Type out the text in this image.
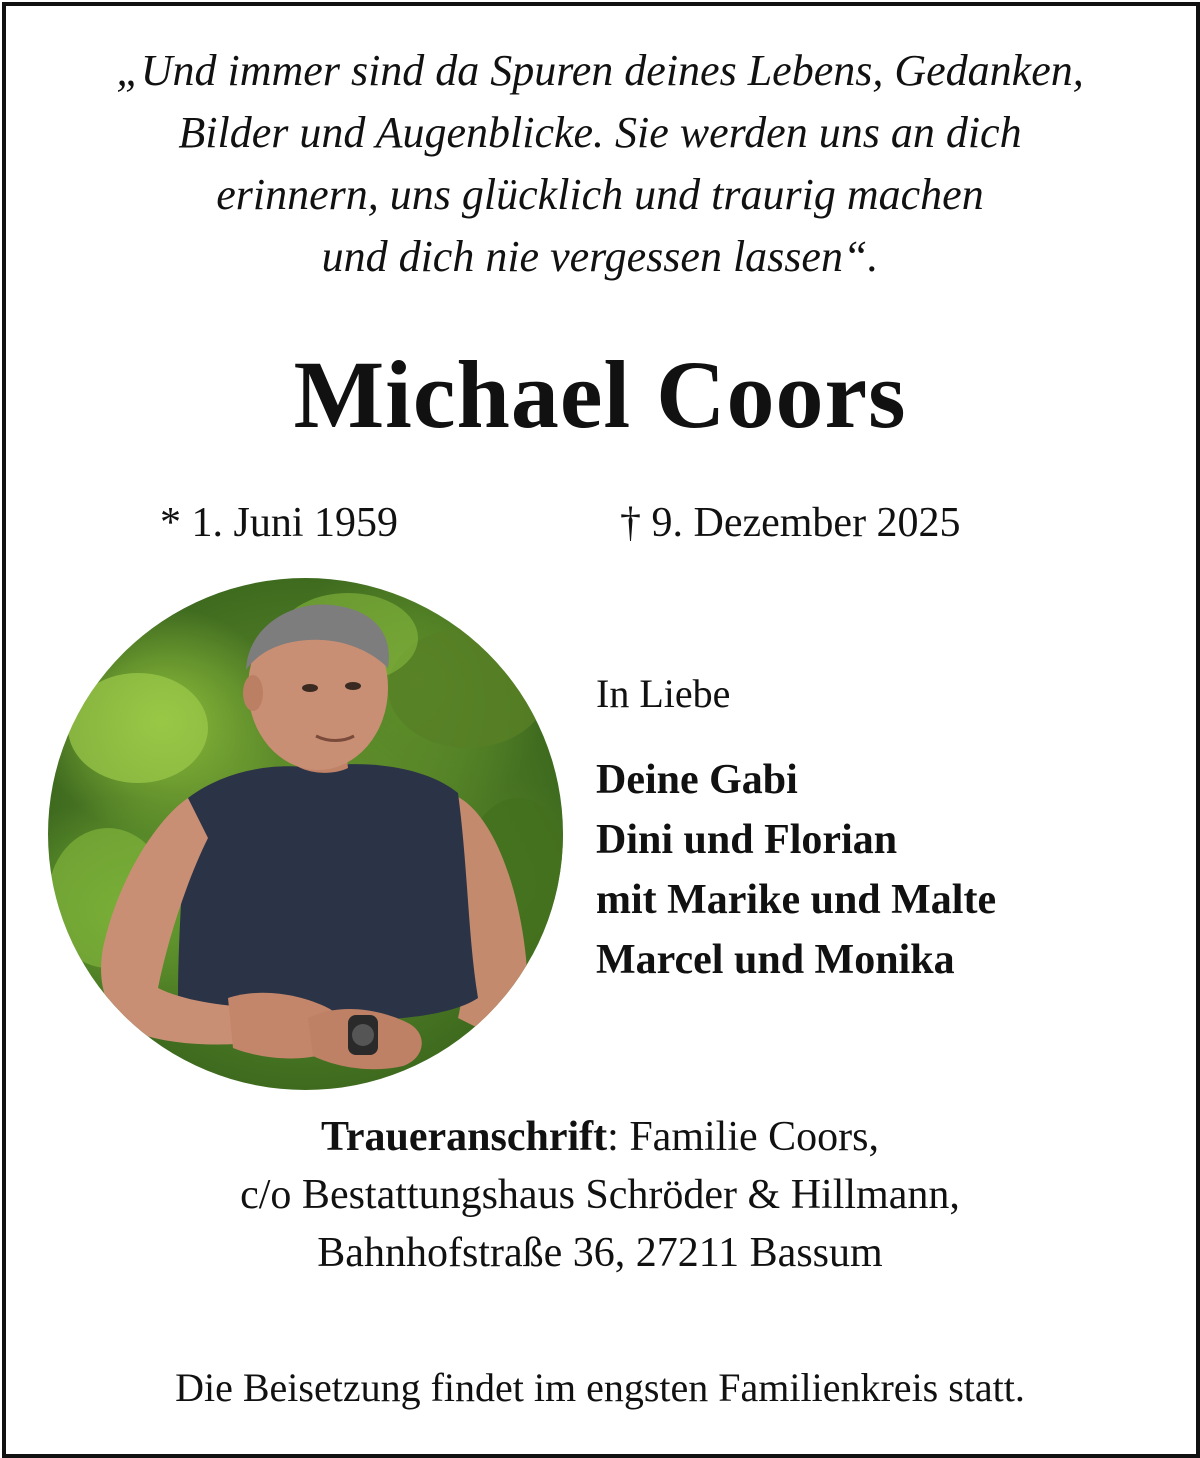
„Und immer sind da Spuren deines Lebens, Gedanken,
Bilder und Augenblicke. Sie werden uns an dich
erinnern, uns glücklich und traurig machen
und dich nie vergessen lassen“.
Michael Coors
* 1. Juni 1959	† 9. Dezember 2025
In Liebe
Deine Gabi
Dini und Florian
mit Marike und Malte
Marcel und Monika
Traueranschrift: Familie Coors,
c/o Bestattungshaus Schröder & Hillmann,
Bahnhofstraße 36, 27211 Bassum
Die Beisetzung findet im engsten Familienkreis statt.
